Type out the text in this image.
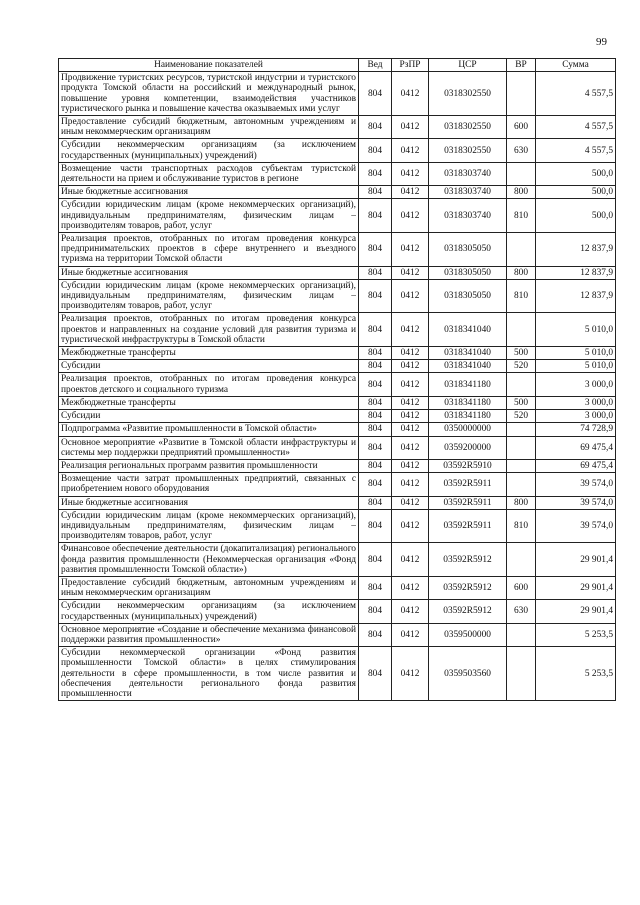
99
Наименование показателей	Вед	РзПР	ЦСР	ВР	Сумма
Продвижение туристских ресурсов, туристской индустрии и туристского продукта Томской области на российский и международный рынок, повышение уровня компетенции, взаимодействия участников туристического рынка и повышение качества оказываемых ими услуг	804	0412	0318302550		4 557,5
Предоставление субсидий бюджетным, автономным учреждениям и иным некоммерческим организациям	804	0412	0318302550	600	4 557,5
Субсидии некоммерческим организациям (за исключением государственных (муниципальных) учреждений)	804	0412	0318302550	630	4 557,5
Возмещение части транспортных расходов субъектам туристской деятельности на прием и обслуживание туристов в регионе	804	0412	0318303740		500,0
Иные бюджетные ассигнования	804	0412	0318303740	800	500,0
Субсидии юридическим лицам (кроме некоммерческих организаций), индивидуальным предпринимателям, физическим лицам – производителям товаров, работ, услуг	804	0412	0318303740	810	500,0
Реализация проектов, отобранных по итогам проведения конкурса предпринимательских проектов в сфере внутреннего и въездного туризма на территории Томской области	804	0412	0318305050		12 837,9
Иные бюджетные ассигнования	804	0412	0318305050	800	12 837,9
Субсидии юридическим лицам (кроме некоммерческих организаций), индивидуальным предпринимателям, физическим лицам – производителям товаров, работ, услуг	804	0412	0318305050	810	12 837,9
Реализация проектов, отобранных по итогам проведения конкурса проектов и направленных на создание условий для развития туризма и туристической инфраструктуры в Томской области	804	0412	0318341040		5 010,0
Межбюджетные трансферты	804	0412	0318341040	500	5 010,0
Субсидии	804	0412	0318341040	520	5 010,0
Реализация проектов, отобранных по итогам проведения конкурса проектов детского и социального туризма	804	0412	0318341180		3 000,0
Межбюджетные трансферты	804	0412	0318341180	500	3 000,0
Субсидии	804	0412	0318341180	520	3 000,0
Подпрограмма «Развитие промышленности в Томской области»	804	0412	0350000000		74 728,9
Основное мероприятие «Развитие в Томской области инфраструктуры и системы мер поддержки предприятий промышленности»	804	0412	0359200000		69 475,4
Реализация региональных программ развития промышленности	804	0412	03592R5910		69 475,4
Возмещение части затрат промышленных предприятий, связанных с приобретением нового оборудования	804	0412	03592R5911		39 574,0
Иные бюджетные ассигнования	804	0412	03592R5911	800	39 574,0
Субсидии юридическим лицам (кроме некоммерческих организаций), индивидуальным предпринимателям, физическим лицам – производителям товаров, работ, услуг	804	0412	03592R5911	810	39 574,0
Финансовое обеспечение деятельности (докапитализация) регионального фонда развития промышленности (Некоммерческая организация «Фонд развития промышленности Томской области»)	804	0412	03592R5912		29 901,4
Предоставление субсидий бюджетным, автономным учреждениям и иным некоммерческим организациям	804	0412	03592R5912	600	29 901,4
Субсидии некоммерческим организациям (за исключением государственных (муниципальных) учреждений)	804	0412	03592R5912	630	29 901,4
Основное мероприятие «Создание и обеспечение механизма финансовой поддержки развития промышленности»	804	0412	0359500000		5 253,5
Субсидии некоммерческой организации «Фонд развития промышленности Томской области» в целях стимулирования деятельности в сфере промышленности, в том числе развития и обеспечения деятельности регионального фонда развития промышленности	804	0412	0359503560		5 253,5
